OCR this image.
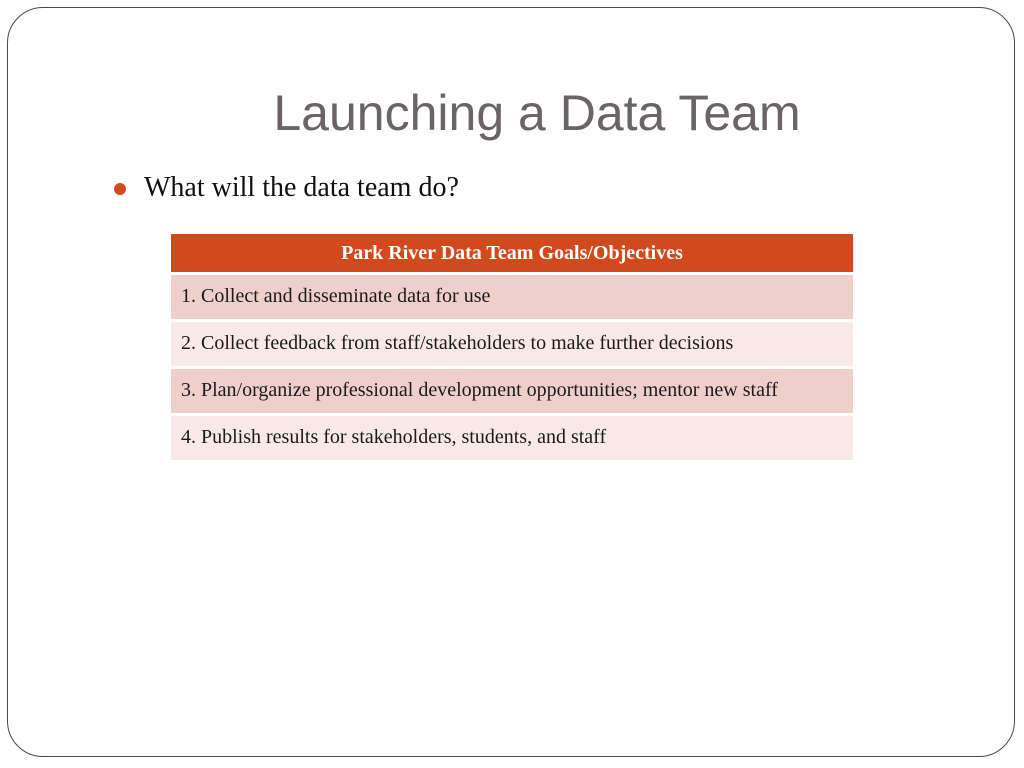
Launching a Data Team
What will the data team do?
Park River Data Team Goals/Objectives
1. Collect and disseminate data for use
2. Collect feedback from staff/stakeholders to make further decisions
3. Plan/organize professional development opportunities; mentor new staff
4. Publish results for stakeholders, students, and staff
